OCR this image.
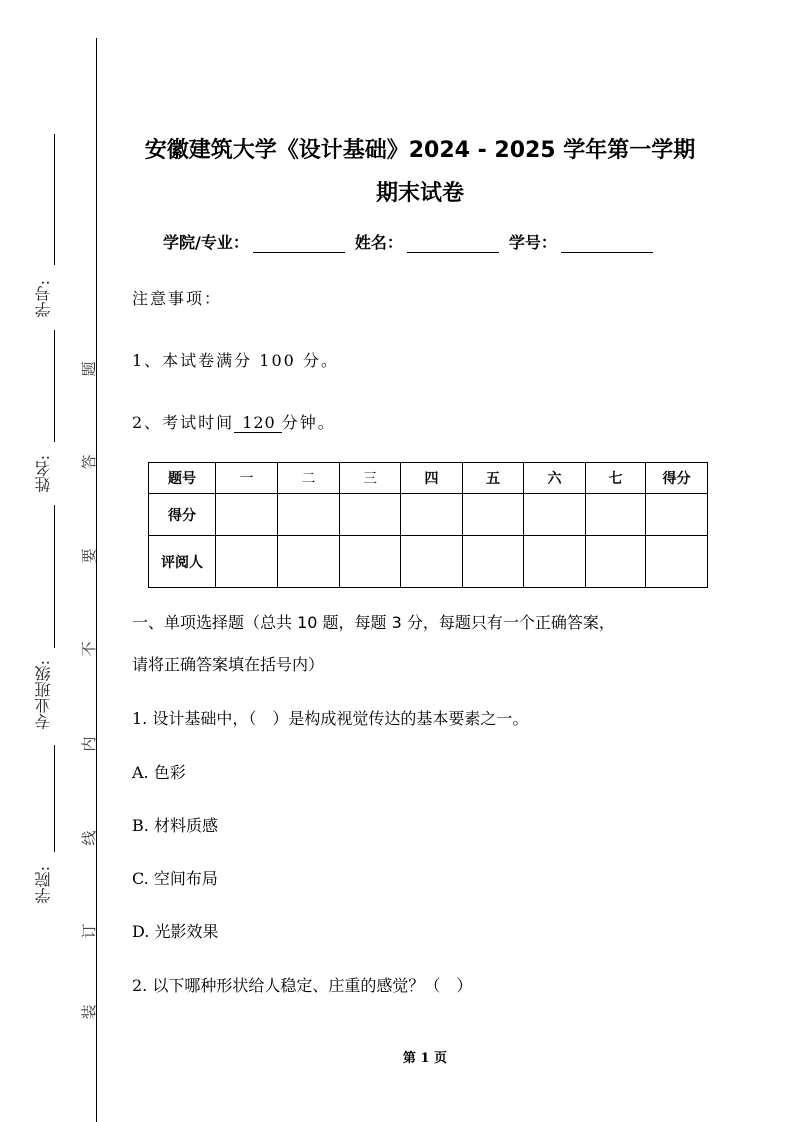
学号:
姓名:
专业班级:
学院:
题
答
要
不
内
线
订
装
安徽建筑大学《设计基础》2024 - 2025 学年第一学期
期末试卷
学院/专业：	姓名：	学号：
注意事项：
1、本试卷满分 100 分。
2、考试时间 120 分钟。
题号	一	二	三	四	五	六	七	得分
得分								
评阅人								
一、单项选择题（总共 10 题，每题 3 分，每题只有一个正确答案，
请将正确答案填在括号内）
1. 设计基础中，（　）是构成视觉传达的基本要素之一。
A. 色彩
B. 材料质感
C. 空间布局
D. 光影效果
2. 以下哪种形状给人稳定、庄重的感觉？（　）
第 1 页
